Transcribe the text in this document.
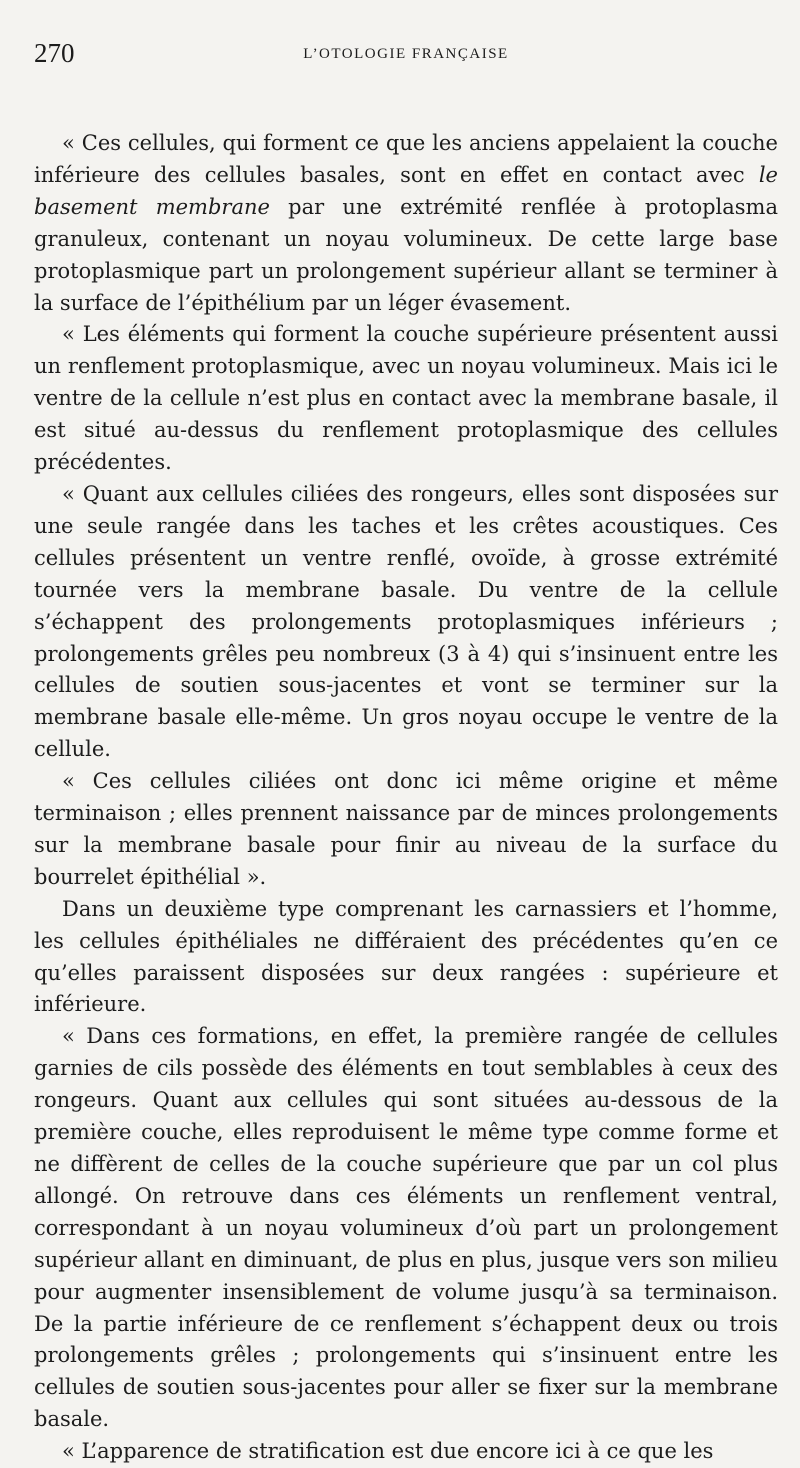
270	L’OTOLOGIE FRANÇAISE

« Ces cellules, qui forment ce que les anciens appelaient la couche inférieure des cellules basales, sont en effet en contact avec le basement membrane par une extrémité renflée à protoplasma granuleux, contenant un noyau volumineux. De cette large base protoplasmique part un prolongement supérieur allant se terminer à la surface de l’épithélium par un léger évasement.

« Les éléments qui forment la couche supérieure présentent aussi un renflement protoplasmique, avec un noyau volumineux. Mais ici le ventre de la cellule n’est plus en contact avec la membrane basale, il est situé au-dessus du renflement protoplasmique des cellules précédentes.

« Quant aux cellules ciliées des rongeurs, elles sont disposées sur une seule rangée dans les taches et les crêtes acoustiques. Ces cellules présentent un ventre renflé, ovoïde, à grosse extrémité tournée vers la membrane basale. Du ventre de la cellule s’échappent des prolongements protoplasmiques inférieurs ; prolongements grêles peu nombreux (3 à 4) qui s’insinuent entre les cellules de soutien sous-jacentes et vont se terminer sur la membrane basale elle-même. Un gros noyau occupe le ventre de la cellule.

« Ces cellules ciliées ont donc ici même origine et même terminaison ; elles prennent naissance par de minces prolongements sur la membrane basale pour finir au niveau de la surface du bourrelet épithélial ».

Dans un deuxième type comprenant les carnassiers et l’homme, les cellules épithéliales ne différaient des précédentes qu’en ce qu’elles paraissent disposées sur deux rangées : supérieure et inférieure.

« Dans ces formations, en effet, la première rangée de cellules garnies de cils possède des éléments en tout semblables à ceux des rongeurs. Quant aux cellules qui sont situées au-dessous de la première couche, elles reproduisent le même type comme forme et ne diffèrent de celles de la couche supérieure que par un col plus allongé. On retrouve dans ces éléments un renflement ventral, correspondant à un noyau volumineux d’où part un prolongement supérieur allant en diminuant, de plus en plus, jusque vers son milieu pour augmenter insensiblement de volume jusqu’à sa terminaison. De la partie inférieure de ce renflement s’échappent deux ou trois prolongements grêles ; prolongements qui s’insinuent entre les cellules de soutien sous-jacentes pour aller se fixer sur la membrane basale.

« L’apparence de stratification est due encore ici à ce que les
